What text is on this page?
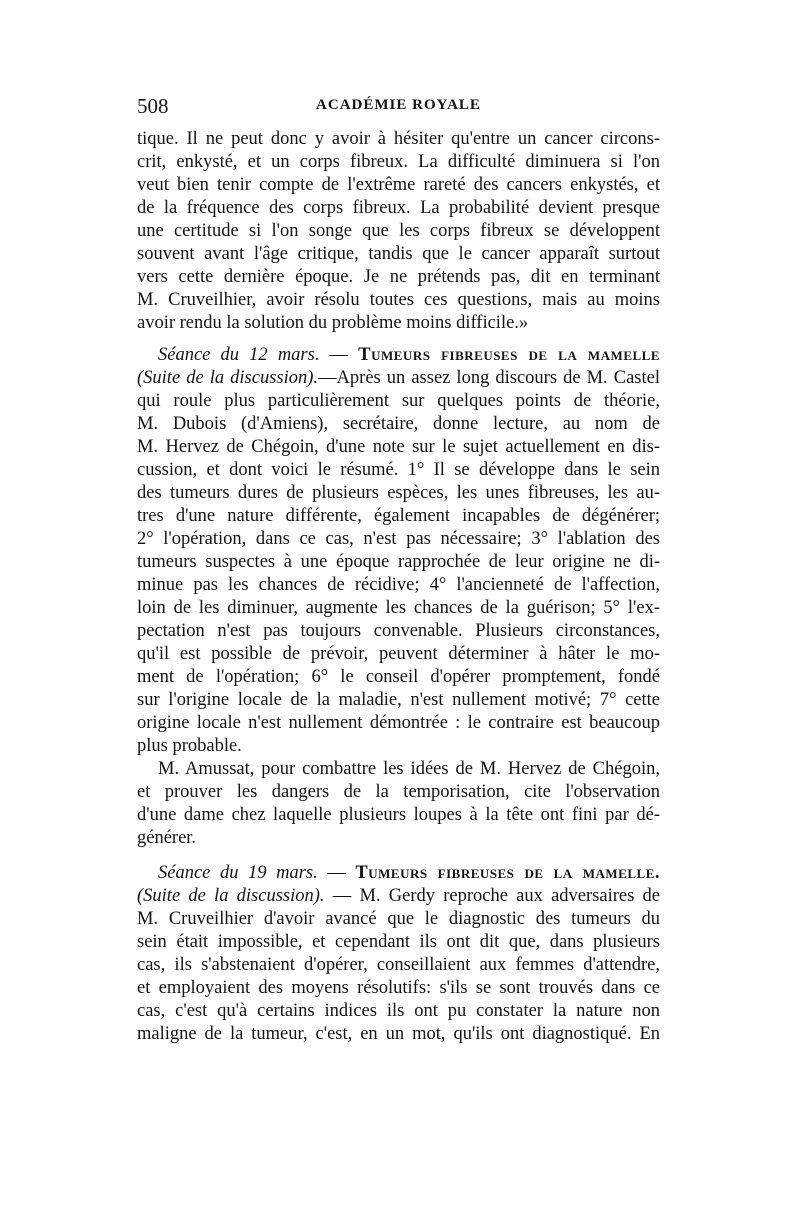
508	ACADÉMIE ROYALE
tique. Il ne peut donc y avoir à hésiter qu'entre un cancer circons-
crit, enkysté, et un corps fibreux. La difficulté diminuera si l'on
veut bien tenir compte de l'extrême rareté des cancers enkystés, et
de la fréquence des corps fibreux. La probabilité devient presque
une certitude si l'on songe que les corps fibreux se développent
souvent avant l'âge critique, tandis que le cancer apparaît surtout
vers cette dernière époque. Je ne prétends pas, dit en terminant
M. Cruveilhier, avoir résolu toutes ces questions, mais au moins
avoir rendu la solution du problème moins difficile.»
Séance du 12 mars. — Tumeurs fibreuses de la mamelle
(Suite de la discussion).—Après un assez long discours de M. Castel
qui roule plus particulièrement sur quelques points de théorie,
M. Dubois (d'Amiens), secrétaire, donne lecture, au nom de
M. Hervez de Chégoin, d'une note sur le sujet actuellement en dis-
cussion, et dont voici le résumé. 1° Il se développe dans le sein
des tumeurs dures de plusieurs espèces, les unes fibreuses, les au-
tres d'une nature différente, également incapables de dégénérer;
2° l'opération, dans ce cas, n'est pas nécessaire; 3° l'ablation des
tumeurs suspectes à une époque rapprochée de leur origine ne di-
minue pas les chances de récidive; 4° l'ancienneté de l'affection,
loin de les diminuer, augmente les chances de la guérison; 5° l'ex-
pectation n'est pas toujours convenable. Plusieurs circonstances,
qu'il est possible de prévoir, peuvent déterminer à hâter le mo-
ment de l'opération; 6° le conseil d'opérer promptement, fondé
sur l'origine locale de la maladie, n'est nullement motivé; 7° cette
origine locale n'est nullement démontrée : le contraire est beaucoup
plus probable.
M. Amussat, pour combattre les idées de M. Hervez de Chégoin,
et prouver les dangers de la temporisation, cite l'observation
d'une dame chez laquelle plusieurs loupes à la tête ont fini par dé-
générer.
Séance du 19 mars. — Tumeurs fibreuses de la mamelle.
(Suite de la discussion). — M. Gerdy reproche aux adversaires de
M. Cruveilhier d'avoir avancé que le diagnostic des tumeurs du
sein était impossible, et cependant ils ont dit que, dans plusieurs
cas, ils s'abstenaient d'opérer, conseillaient aux femmes d'attendre,
et employaient des moyens résolutifs: s'ils se sont trouvés dans ce
cas, c'est qu'à certains indices ils ont pu constater la nature non
maligne de la tumeur, c'est, en un mot, qu'ils ont diagnostiqué. En
